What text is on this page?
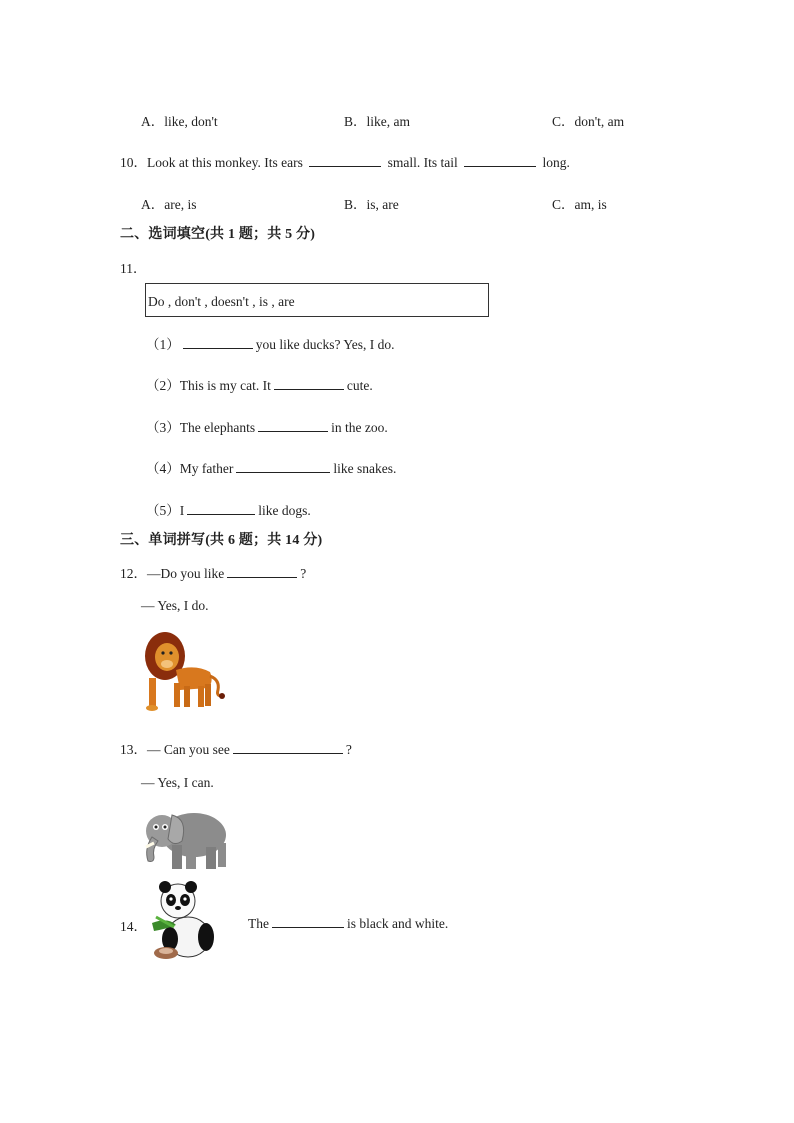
A．like, don't	B．like, am	C．don't, am
10．Look at this monkey. Its ears	small. Its tail	long.
A．are, is	B．is, are	C．am, is
二、选词填空(共 1 题；共 5 分)
11．
Do , don't , doesn't , is , are
（1）	you like ducks? Yes, I do.
（2）This is my cat. It	cute.
（3）The elephants	in the zoo.
（4）My father	like snakes.
（5）I	like dogs.
三、单词拼写(共 6 题；共 14 分)
12．—Do you like	?
— Yes, I do.
13．— Can you see	?
— Yes, I can.
14．	The	is black and white.
